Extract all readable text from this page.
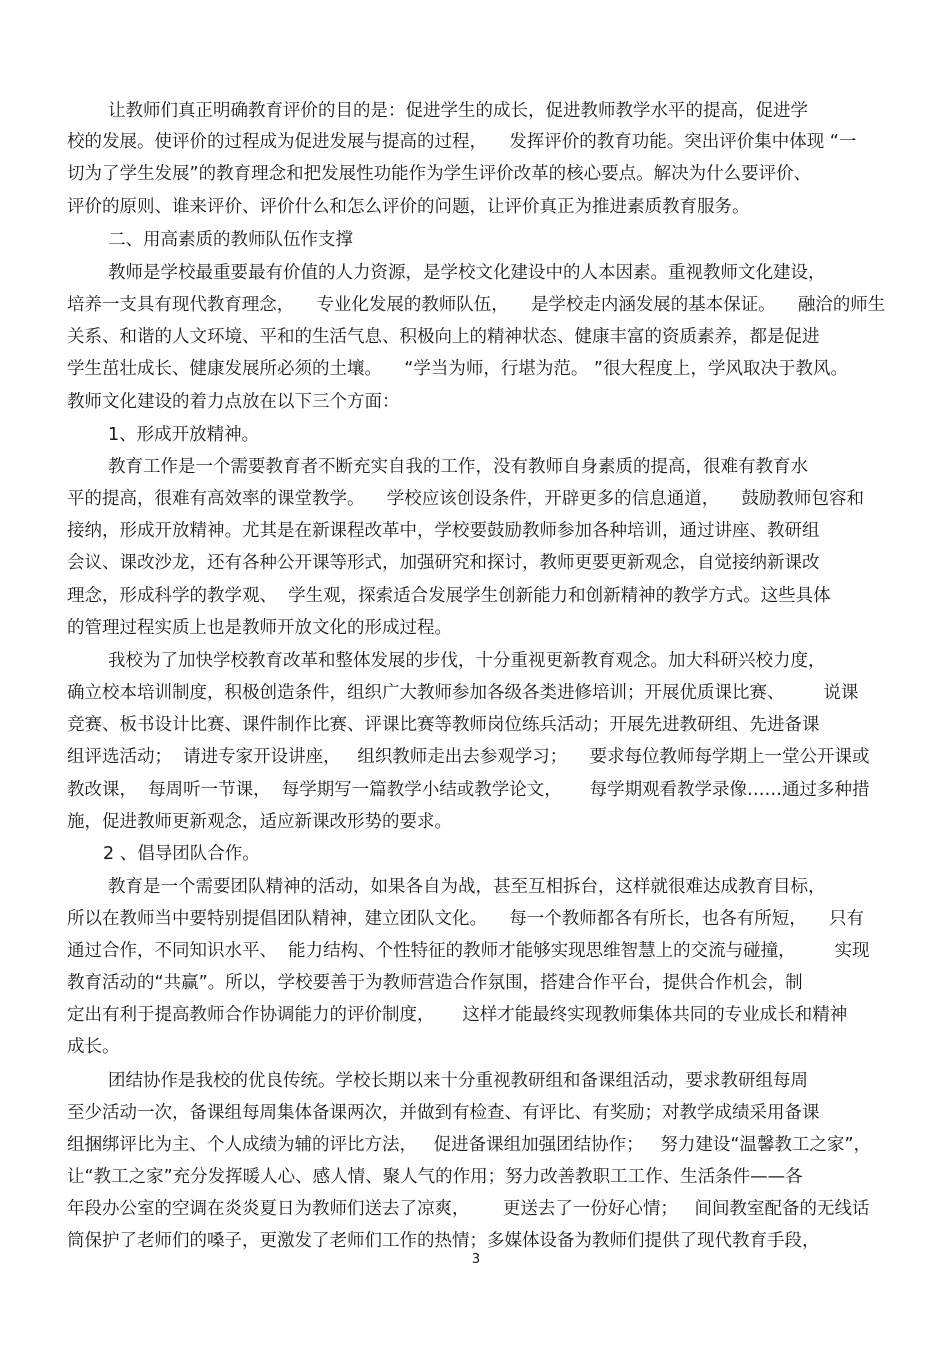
让教师们真正明确教育评价的目的是：促进学生的成长，促进教师教学水平的提高，促进学
校的发展。使评价的过程成为促进发展与提高的过程，    发挥评价的教育功能。突出评价集中体现 “一
切为了学生发展”的教育理念和把发展性功能作为学生评价改革的核心要点。解决为什么要评价、
评价的原则、谁来评价、评价什么和怎么评价的问题，让评价真正为推进素质教育服务。
二、用高素质的教师队伍作支撑
教师是学校最重要最有价值的人力资源，是学校文化建设中的人本因素。重视教师文化建设，
培养一支具有现代教育理念，    专业化发展的教师队伍，    是学校走内涵发展的基本保证。    融洽的师生
关系、和谐的人文环境、平和的生活气息、积极向上的精神状态、健康丰富的资质素养，都是促进
学生茁壮成长、健康发展所必须的土壤。    “学当为师，行堪为范。 ”很大程度上，学风取决于教风。
教师文化建设的着力点放在以下三个方面：
1、形成开放精神。
教育工作是一个需要教育者不断充实自我的工作，没有教师自身素质的提高，很难有教育水
平的提高，很难有高效率的课堂教学。    学校应该创设条件，开辟更多的信息通道，    鼓励教师包容和
接纳，形成开放精神。尤其是在新课程改革中，学校要鼓励教师参加各种培训，通过讲座、教研组
会议、课改沙龙，还有各种公开课等形式，加强研究和探讨，教师更要更新观念，自觉接纳新课改
理念，形成科学的教学观、  学生观，探索适合发展学生创新能力和创新精神的教学方式。这些具体
的管理过程实质上也是教师开放文化的形成过程。
我校为了加快学校教育改革和整体发展的步伐，十分重视更新教育观念。加大科研兴校力度，
确立校本培训制度，积极创造条件，组织广大教师参加各级各类进修培训；开展优质课比赛、       说课
竞赛、板书设计比赛、课件制作比赛、评课比赛等教师岗位练兵活动；开展先进教研组、先进备课
组评选活动；  请进专家开设讲座，   组织教师走出去参观学习；    要求每位教师每学期上一堂公开课或
教改课，  每周听一节课，  每学期写一篇教学小结或教学论文，     每学期观看教学录像……通过多种措
施，促进教师更新观念，适应新课改形势的要求。
2 、倡导团队合作。
教育是一个需要团队精神的活动，如果各自为战，甚至互相拆台，这样就很难达成教育目标，
所以在教师当中要特别提倡团队精神，建立团队文化。    每一个教师都各有所长，也各有所短，    只有
通过合作，不同知识水平、  能力结构、个性特征的教师才能够实现思维智慧上的交流与碰撞，       实现
教育活动的“共赢”。所以，学校要善于为教师营造合作氛围，搭建合作平台，提供合作机会，制
定出有利于提高教师合作协调能力的评价制度，     这样才能最终实现教师集体共同的专业成长和精神
成长。
团结协作是我校的优良传统。学校长期以来十分重视教研组和备课组活动，要求教研组每周
至少活动一次，备课组每周集体备课两次，并做到有检查、有评比、有奖励；对教学成绩采用备课
组捆绑评比为主、个人成绩为辅的评比方法，   促进备课组加强团结协作；   努力建设“温馨教工之家”，
让“教工之家”充分发挥暖人心、感人情、聚人气的作用；努力改善教职工工作、生活条件——各
年段办公室的空调在炎炎夏日为教师们送去了凉爽，      更送去了一份好心情；   间间教室配备的无线话
筒保护了老师们的嗓子，更激发了老师们工作的热情；多媒体设备为教师们提供了现代教育手段，
3
